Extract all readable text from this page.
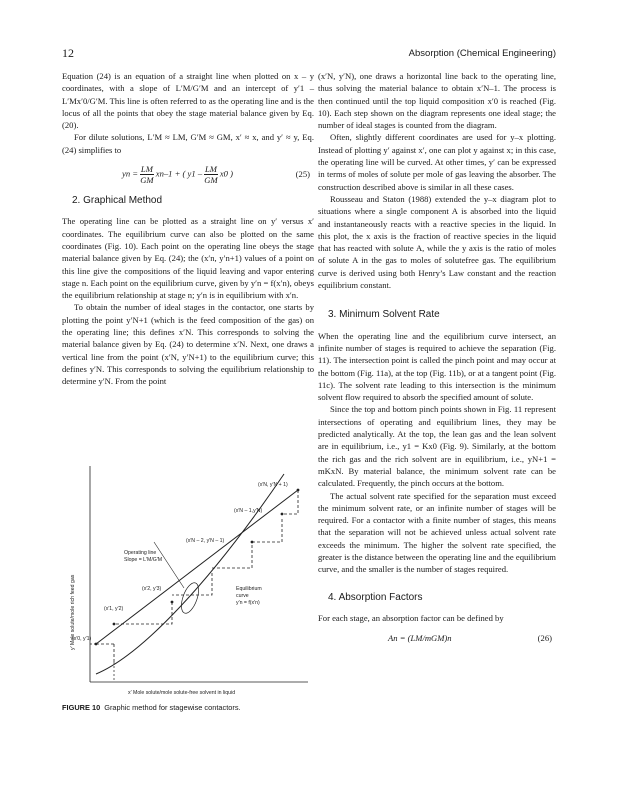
12	Absorption (Chemical Engineering)

Equation (24) is an equation of a straight line when plotted on x – y coordinates, with a slope of L′M/G′M and an intercept of y′1 – L′Mx′0/G′M. This line is often referred to as the operating line and is the locus of all the points that obey the stage material balance given by Eq. (20).

For dilute solutions, L′M ≈ LM, G′M ≈ GM, x′ ≈ x, and y′ ≈ y, Eq. (24) simplifies to

yn = $\frac{LM}{GM} xn-1$ + ( $y1 - \frac{LM}{GM} x0$ )	(25)
2. Graphical Method

The operating line can be plotted as a straight line on y′ versus x′ coordinates. The equilibrium curve can also be plotted on the same coordinates (Fig. 10). Each point on the operating line obeys the stage material balance given by Eq. (24); the (x′n, y′n+1) values of a point on this line give the compositions of the liquid leaving and vapor entering stage n. Each point on the equilibrium curve, given by y′n = f(x′n), obeys the equilibrium relationship at stage n; y′n is in equilibrium with x′n.

To obtain the number of ideal stages in the contactor, one starts by plotting the point y′N+1 (which is the feed composition of the gas) on the operating line; this defines x′N. This corresponds to solving the material balance given by Eq. (24) to determine x′N. Next, one draws a vertical line from the point (x′N, y′N+1) to the equilibrium curve; this defines y′N. This corresponds to solving the equilibrium relationship to determine y′N. From the point

(x′N, y′N + 1)
(x′N – 1,y′N)
(x′N – 2, y′N – 1)
Operating line
Slope = L′M/G′M
(x′2, y′3)
(x′1, y′2)
(x′0, y′1)
Equilibrium
curve
y′n = f(x′n)
x′ Mole solute/mole solute-free solvent in liquid
y′ Mole solute/mole rich feed gas
FIGURE 10 Graphic method for stagewise contactors.

(x′N, y′N), one draws a horizontal line back to the operating line, thus solving the material balance to obtain x′N–1. The process is then continued until the top liquid composition x′0 is reached (Fig. 10). Each step shown on the diagram represents one ideal stage; the number of ideal stages is counted from the diagram.

Often, slightly different coordinates are used for y–x plotting. Instead of plotting y′ against x′, one can plot y against x; in this case, the operating line will be curved. At other times, y′ can be expressed in terms of moles of solute per mole of gas leaving the absorber. The construction described above is similar in all these cases.

Rousseau and Staton (1988) extended the y–x diagram plot to situations where a single component A is absorbed into the liquid and instantaneously reacts with a reactive species in the liquid. In this plot, the x axis is the fraction of reactive species in the liquid that has reacted with solute A, while the y axis is the ratio of moles of solute A in the gas to moles of solutefree gas. The equilibrium curve is derived using both Henry’s Law constant and the reaction equilibrium constant.

3. Minimum Solvent Rate

When the operating line and the equilibrium curve intersect, an infinite number of stages is required to achieve the separation (Fig. 11). The intersection point is called the pinch point and may occur at the bottom (Fig. 11a), at the top (Fig. 11b), or at a tangent point (Fig. 11c). The solvent rate leading to this intersection is the minimum solvent flow required to absorb the specified amount of solute.

Since the top and bottom pinch points shown in Fig. 11 represent intersections of operating and equilibrium lines, they may be predicted analytically. At the top, the lean gas and the lean solvent are in equilibrium, i.e., y1 = Kx0 (Fig. 9). Similarly, at the bottom the rich gas and the rich solvent are in equilibrium, i.e., yN+1 = mKxN. By material balance, the minimum solvent rate can be calculated. Frequently, the pinch occurs at the bottom.

The actual solvent rate specified for the separation must exceed the minimum solvent rate, or an infinite number of stages will be required. For a contactor with a finite number of stages, this means that the separation will not be achieved unless actual solvent rate exceeds the minimum. The higher the solvent rate specified, the greater is the distance between the operating line and the equilibrium curve, and the smaller is the number of stages required.

4. Absorption Factors

For each stage, an absorption factor can be defined by

An = (LM/mGM)n	(26)
